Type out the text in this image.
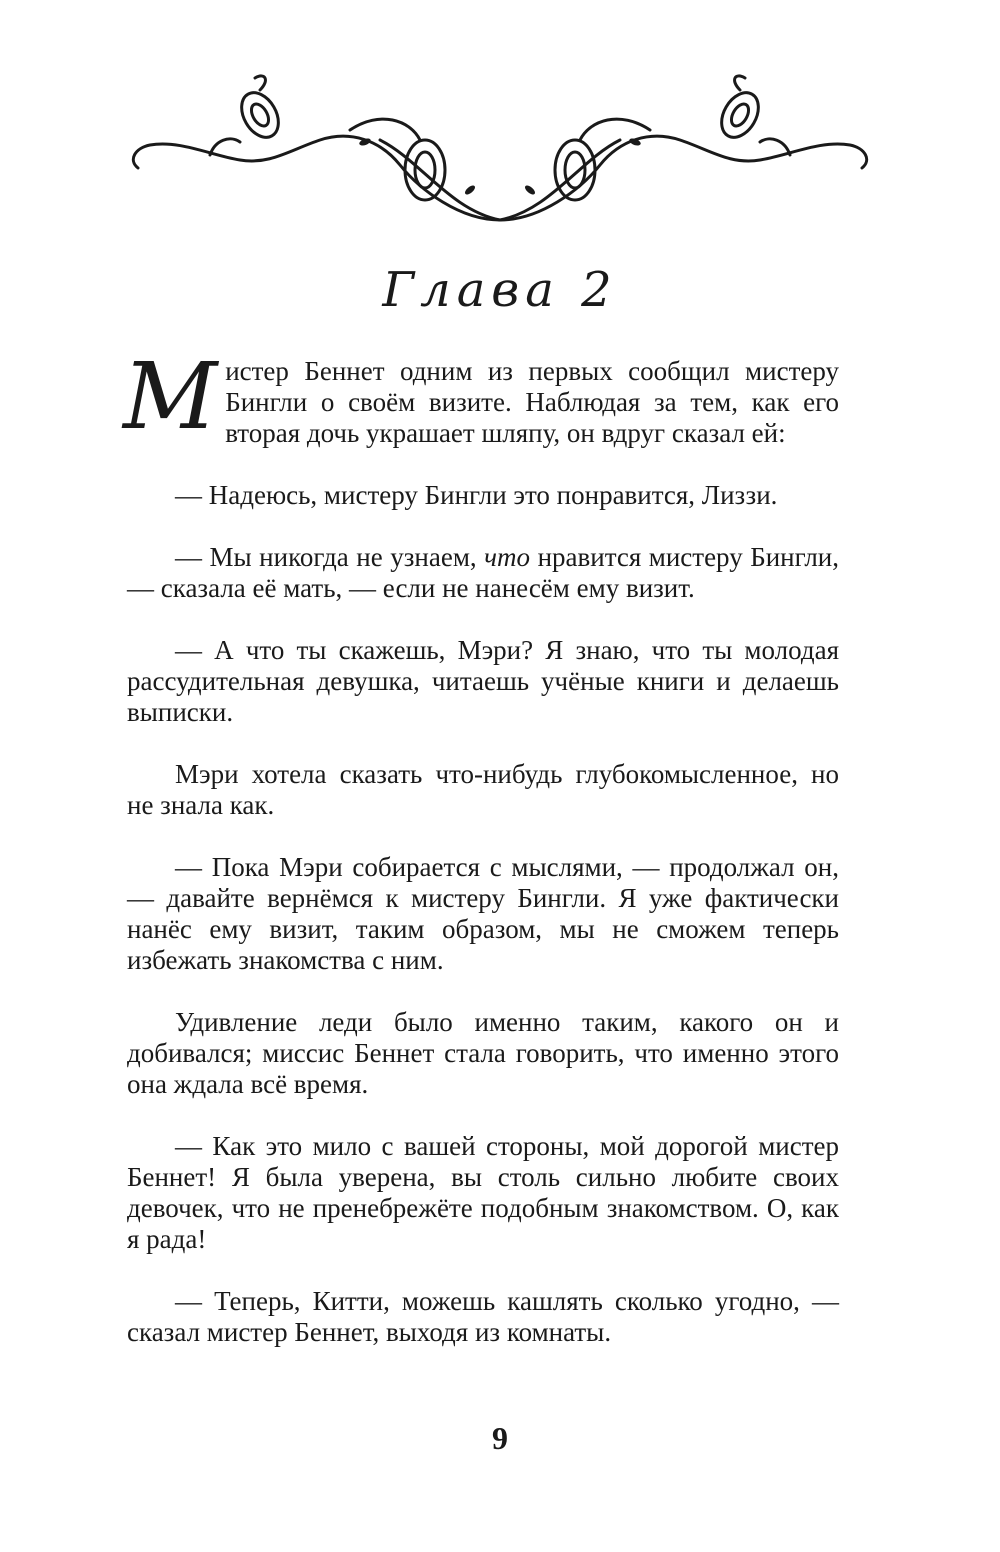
Глава 2

Мистер Беннет одним из первых сообщил мистеру Бингли о своём визите. Наблюдая за тем, как его вторая дочь украшает шляпу, он вдруг сказал ей:

— Надеюсь, мистеру Бингли это понравится, Лиззи.

— Мы никогда не узнаем, что нравится мистеру Бингли, — сказала её мать, — если не нанесём ему визит.

— А что ты скажешь, Мэри? Я знаю, что ты молодая рассудительная девушка, читаешь учёные книги и делаешь выписки.

Мэри хотела сказать что-нибудь глубокомысленное, но не знала как.

— Пока Мэри собирается с мыслями, — продолжал он, — давайте вернёмся к мистеру Бингли. Я уже фактически нанёс ему визит, таким образом, мы не сможем теперь избежать знакомства с ним.

Удивление леди было именно таким, какого он и добивался; миссис Беннет стала говорить, что именно этого она ждала всё время.

— Как это мило с вашей стороны, мой дорогой мистер Беннет! Я была уверена, вы столь сильно любите своих девочек, что не пренебрежёте подобным знакомством. О, как я рада!

— Теперь, Китти, можешь кашлять сколько угодно, — сказал мистер Беннет, выходя из комнаты.

9
